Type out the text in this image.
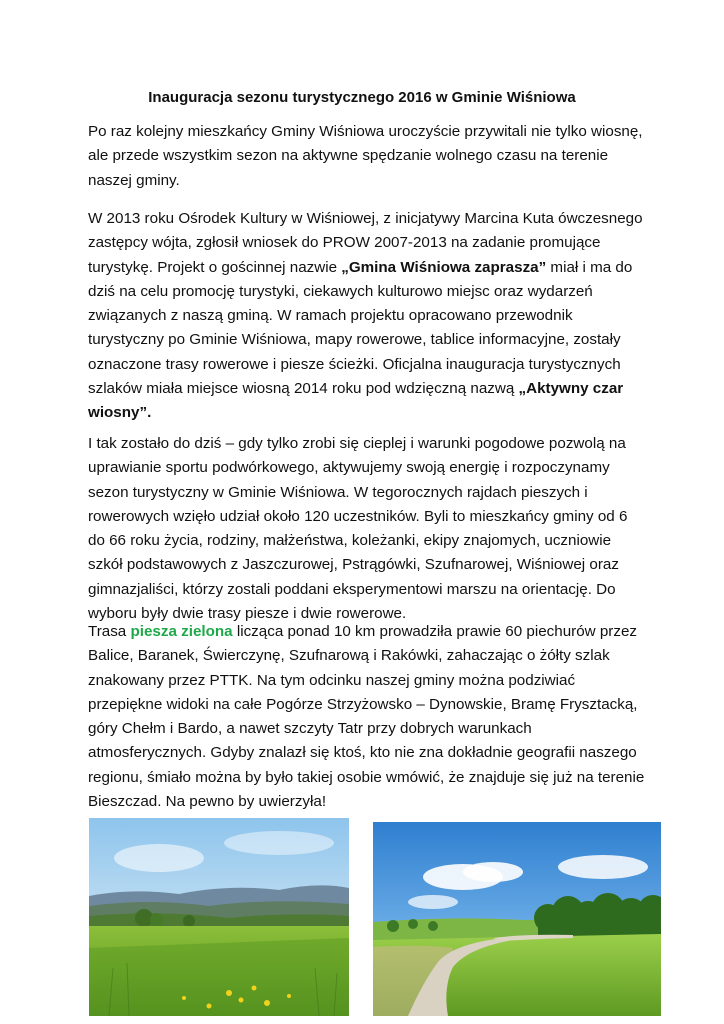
Inauguracja sezonu turystycznego 2016 w Gminie Wiśniowa
Po raz kolejny mieszkańcy Gminy Wiśniowa uroczyście przywitali nie tylko wiosnę, ale przede wszystkim sezon na aktywne spędzanie wolnego czasu na terenie naszej gminy.
W 2013 roku Ośrodek Kultury w Wiśniowej, z inicjatywy Marcina Kuta ówczesnego zastępcy wójta, zgłosił wniosek do PROW 2007-2013 na zadanie promujące turystykę. Projekt o gościnnej nazwie „Gmina Wiśniowa zaprasza” miał i ma do dziś na celu promocję turystyki, ciekawych kulturowo miejsc oraz wydarzeń związanych z naszą gminą. W ramach projektu opracowano przewodnik turystyczny po Gminie Wiśniowa, mapy rowerowe, tablice informacyjne, zostały oznaczone trasy rowerowe i piesze ścieżki. Oficjalna inauguracja turystycznych szlaków miała miejsce wiosną 2014 roku pod wdzięczną nazwą „Aktywny czar wiosny”.
I tak zostało do dziś – gdy tylko zrobi się cieplej i warunki pogodowe pozwolą na uprawianie sportu podwórkowego, aktywujemy swoją energię i rozpoczynamy sezon turystyczny w Gminie Wiśniowa. W tegorocznych rajdach pieszych i rowerowych wzięło udział około 120 uczestników. Byli to mieszkańcy gminy od 6 do 66 roku życia, rodziny, małżeństwa, koleżanki, ekipy znajomych, uczniowie szkół podstawowych z Jaszczurowej, Pstrągówki, Szufnarowej, Wiśniowej oraz gimnazjaliści, którzy zostali poddani eksperymentowi marszu na orientację. Do wyboru były dwie trasy piesze i dwie rowerowe.
Trasa piesza zielona licząca ponad 10 km prowadziła prawie 60 piechurów przez Balice, Baranek, Świerczynę, Szufnarową i Rakówki, zahaczając o żółty szlak znakowany przez PTTK. Na tym odcinku naszej gminy można podziwiać przepiękne widoki na całe Pogórze Strzyżowsko – Dynowskie, Bramę Frysztacką, góry Chełm i Bardo, a nawet szczyty Tatr przy dobrych warunkach atmosferycznych. Gdyby znalazł się ktoś, kto nie zna dokładnie geografii naszego regionu, śmiało można by było takiej osobie wmówić, że znajduje się już na terenie Bieszczad. Na pewno by uwierzyła!
